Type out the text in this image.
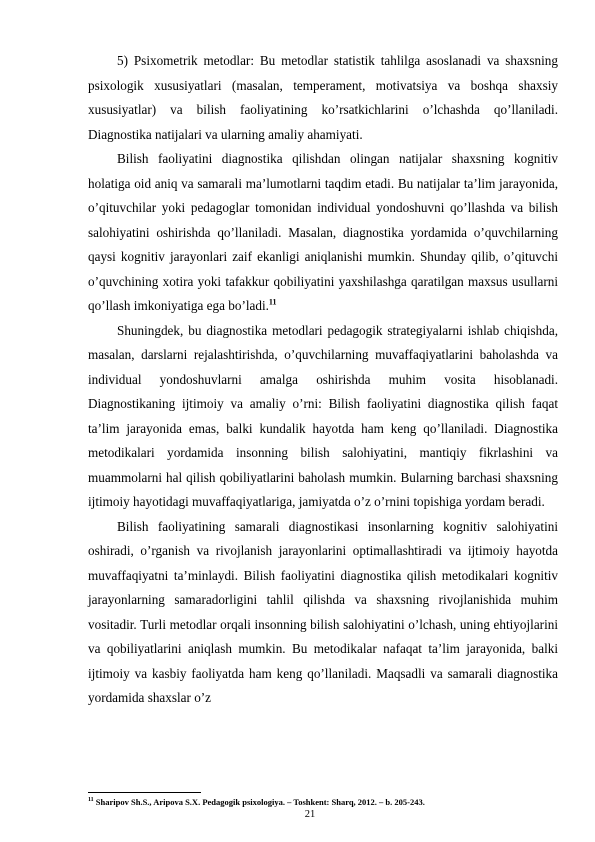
5) Psixometrik metodlar: Bu metodlar statistik tahlilga asoslanadi va shaxsning psixologik xususiyatlari (masalan, temperament, motivatsiya va boshqa shaxsiy xususiyatlar) va bilish faoliyatining ko’rsatkichlarini o’lchashda qo’llaniladi. Diagnostika natijalari va ularning amaliy ahamiyati.

Bilish faoliyatini diagnostika qilishdan olingan natijalar shaxsning kognitiv holatiga oid aniq va samarali ma’lumotlarni taqdim etadi. Bu natijalar ta’lim jarayonida, o’qituvchilar yoki pedagoglar tomonidan individual yondoshuvni qo’llashda va bilish salohiyatini oshirishda qo’llaniladi. Masalan, diagnostika yordamida o’quvchilarning qaysi kognitiv jarayonlari zaif ekanligi aniqlanishi mumkin. Shunday qilib, o’qituvchi o’quvchining xotira yoki tafakkur qobiliyatini yaxshilashga qaratilgan maxsus usullarni qo’llash imkoniyatiga ega bo’ladi.$^{11}$

Shuningdek, bu diagnostika metodlari pedagogik strategiyalarni ishlab chiqishda, masalan, darslarni rejalashtirishda, o’quvchilarning muvaffaqiyatlarini baholashda va individual yondoshuvlarni amalga oshirishda muhim vosita hisoblanadi. Diagnostikaning ijtimoiy va amaliy o’rni: Bilish faoliyatini diagnostika qilish faqat ta’lim jarayonida emas, balki kundalik hayotda ham keng qo’llaniladi. Diagnostika metodikalari yordamida insonning bilish salohiyatini, mantiqiy fikrlashini va muammolarni hal qilish qobiliyatlarini baholash mumkin. Bularning barchasi shaxsning ijtimoiy hayotidagi muvaffaqiyatlariga, jamiyatda o’z o’rnini topishiga yordam beradi.

Bilish faoliyatining samarali diagnostikasi insonlarning kognitiv salohiyatini oshiradi, o’rganish va rivojlanish jarayonlarini optimallashtiradi va ijtimoiy hayotda muvaffaqiyatni ta’minlaydi. Bilish faoliyatini diagnostika qilish metodikalari kognitiv jarayonlarning samaradorligini tahlil qilishda va shaxsning rivojlanishida muhim vositadir. Turli metodlar orqali insonning bilish salohiyatini o’lchash, uning ehtiyojlarini va qobiliyatlarini aniqlash mumkin. Bu metodikalar nafaqat ta’lim jarayonida, balki ijtimoiy va kasbiy faoliyatda ham keng qo’llaniladi. Maqsadli va samarali diagnostika yordamida shaxslar o’z

$^{11}$ Sharipov Sh.S., Aripova S.X. Pedagogik psixologiya. – Toshkent: Sharq, 2012. – b. 205-243.
21
